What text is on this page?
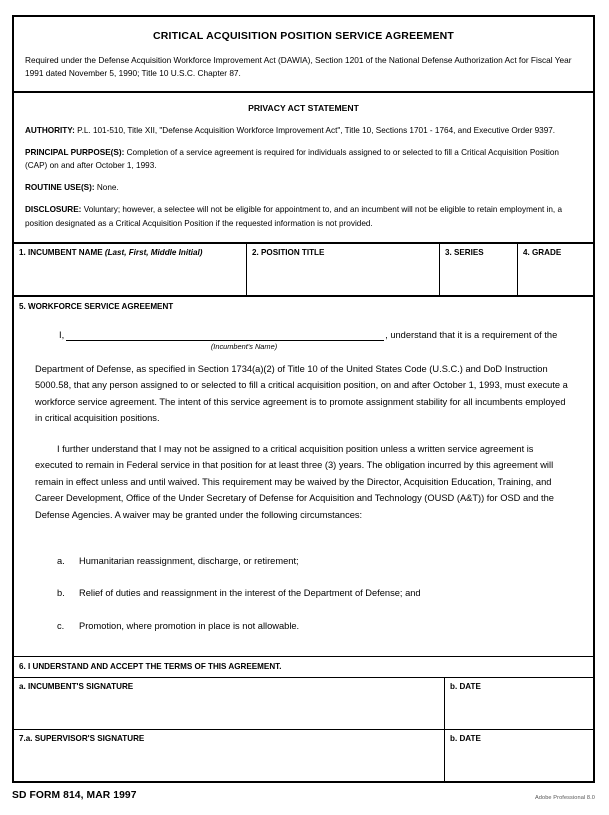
CRITICAL ACQUISITION POSITION SERVICE AGREEMENT
Required under the Defense Acquisition Workforce Improvement Act (DAWIA), Section 1201 of the National Defense Authorization Act for Fiscal Year 1991 dated November 5, 1990; Title 10 U.S.C. Chapter 87.
PRIVACY ACT STATEMENT
AUTHORITY: P.L. 101-510, Title XII, "Defense Acquisition Workforce Improvement Act", Title 10, Sections 1701 - 1764, and Executive Order 9397.
PRINCIPAL PURPOSE(S): Completion of a service agreement is required for individuals assigned to or selected to fill a Critical Acquisition Position (CAP) on and after October 1, 1993.
ROUTINE USE(S): None.
DISCLOSURE: Voluntary; however, a selectee will not be eligible for appointment to, and an incumbent will not be eligible to retain employment in, a position designated as a Critical Acquisition Position if the requested information is not provided.
1. INCUMBENT NAME (Last, First, Middle Initial)	2. POSITION TITLE	3. SERIES	4. GRADE
5. WORKFORCE SERVICE AGREEMENT
I,	, understand that it is a requirement of the
(Incumbent's Name)

Department of Defense, as specified in Section 1734(a)(2) of Title 10 of the United States Code (U.S.C.) and DoD Instruction 5000.58, that any person assigned to or selected to fill a critical acquisition position, on and after October 1, 1993, must execute a workforce service agreement. The intent of this service agreement is to promote assignment stability for all incumbents employed in critical acquisition positions.

I further understand that I may not be assigned to a critical acquisition position unless a written service agreement is executed to remain in Federal service in that position for at least three (3) years. The obligation incurred by this agreement will remain in effect unless and until waived. This requirement may be waived by the Director, Acquisition Education, Training, and Career Development, Office of the Under Secretary of Defense for Acquisition and Technology (OUSD (A&T)) for OSD and the Defense Agencies. A waiver may be granted under the following circumstances:

a. Humanitarian reassignment, discharge, or retirement;
b. Relief of duties and reassignment in the interest of the Department of Defense; and
c. Promotion, where promotion in place is not allowable.
6. I UNDERSTAND AND ACCEPT THE TERMS OF THIS AGREEMENT.
a. INCUMBENT'S SIGNATURE	b. DATE
7.a. SUPERVISOR'S SIGNATURE	b. DATE
SD FORM 814, MAR 1997	Adobe Professional 8.0
